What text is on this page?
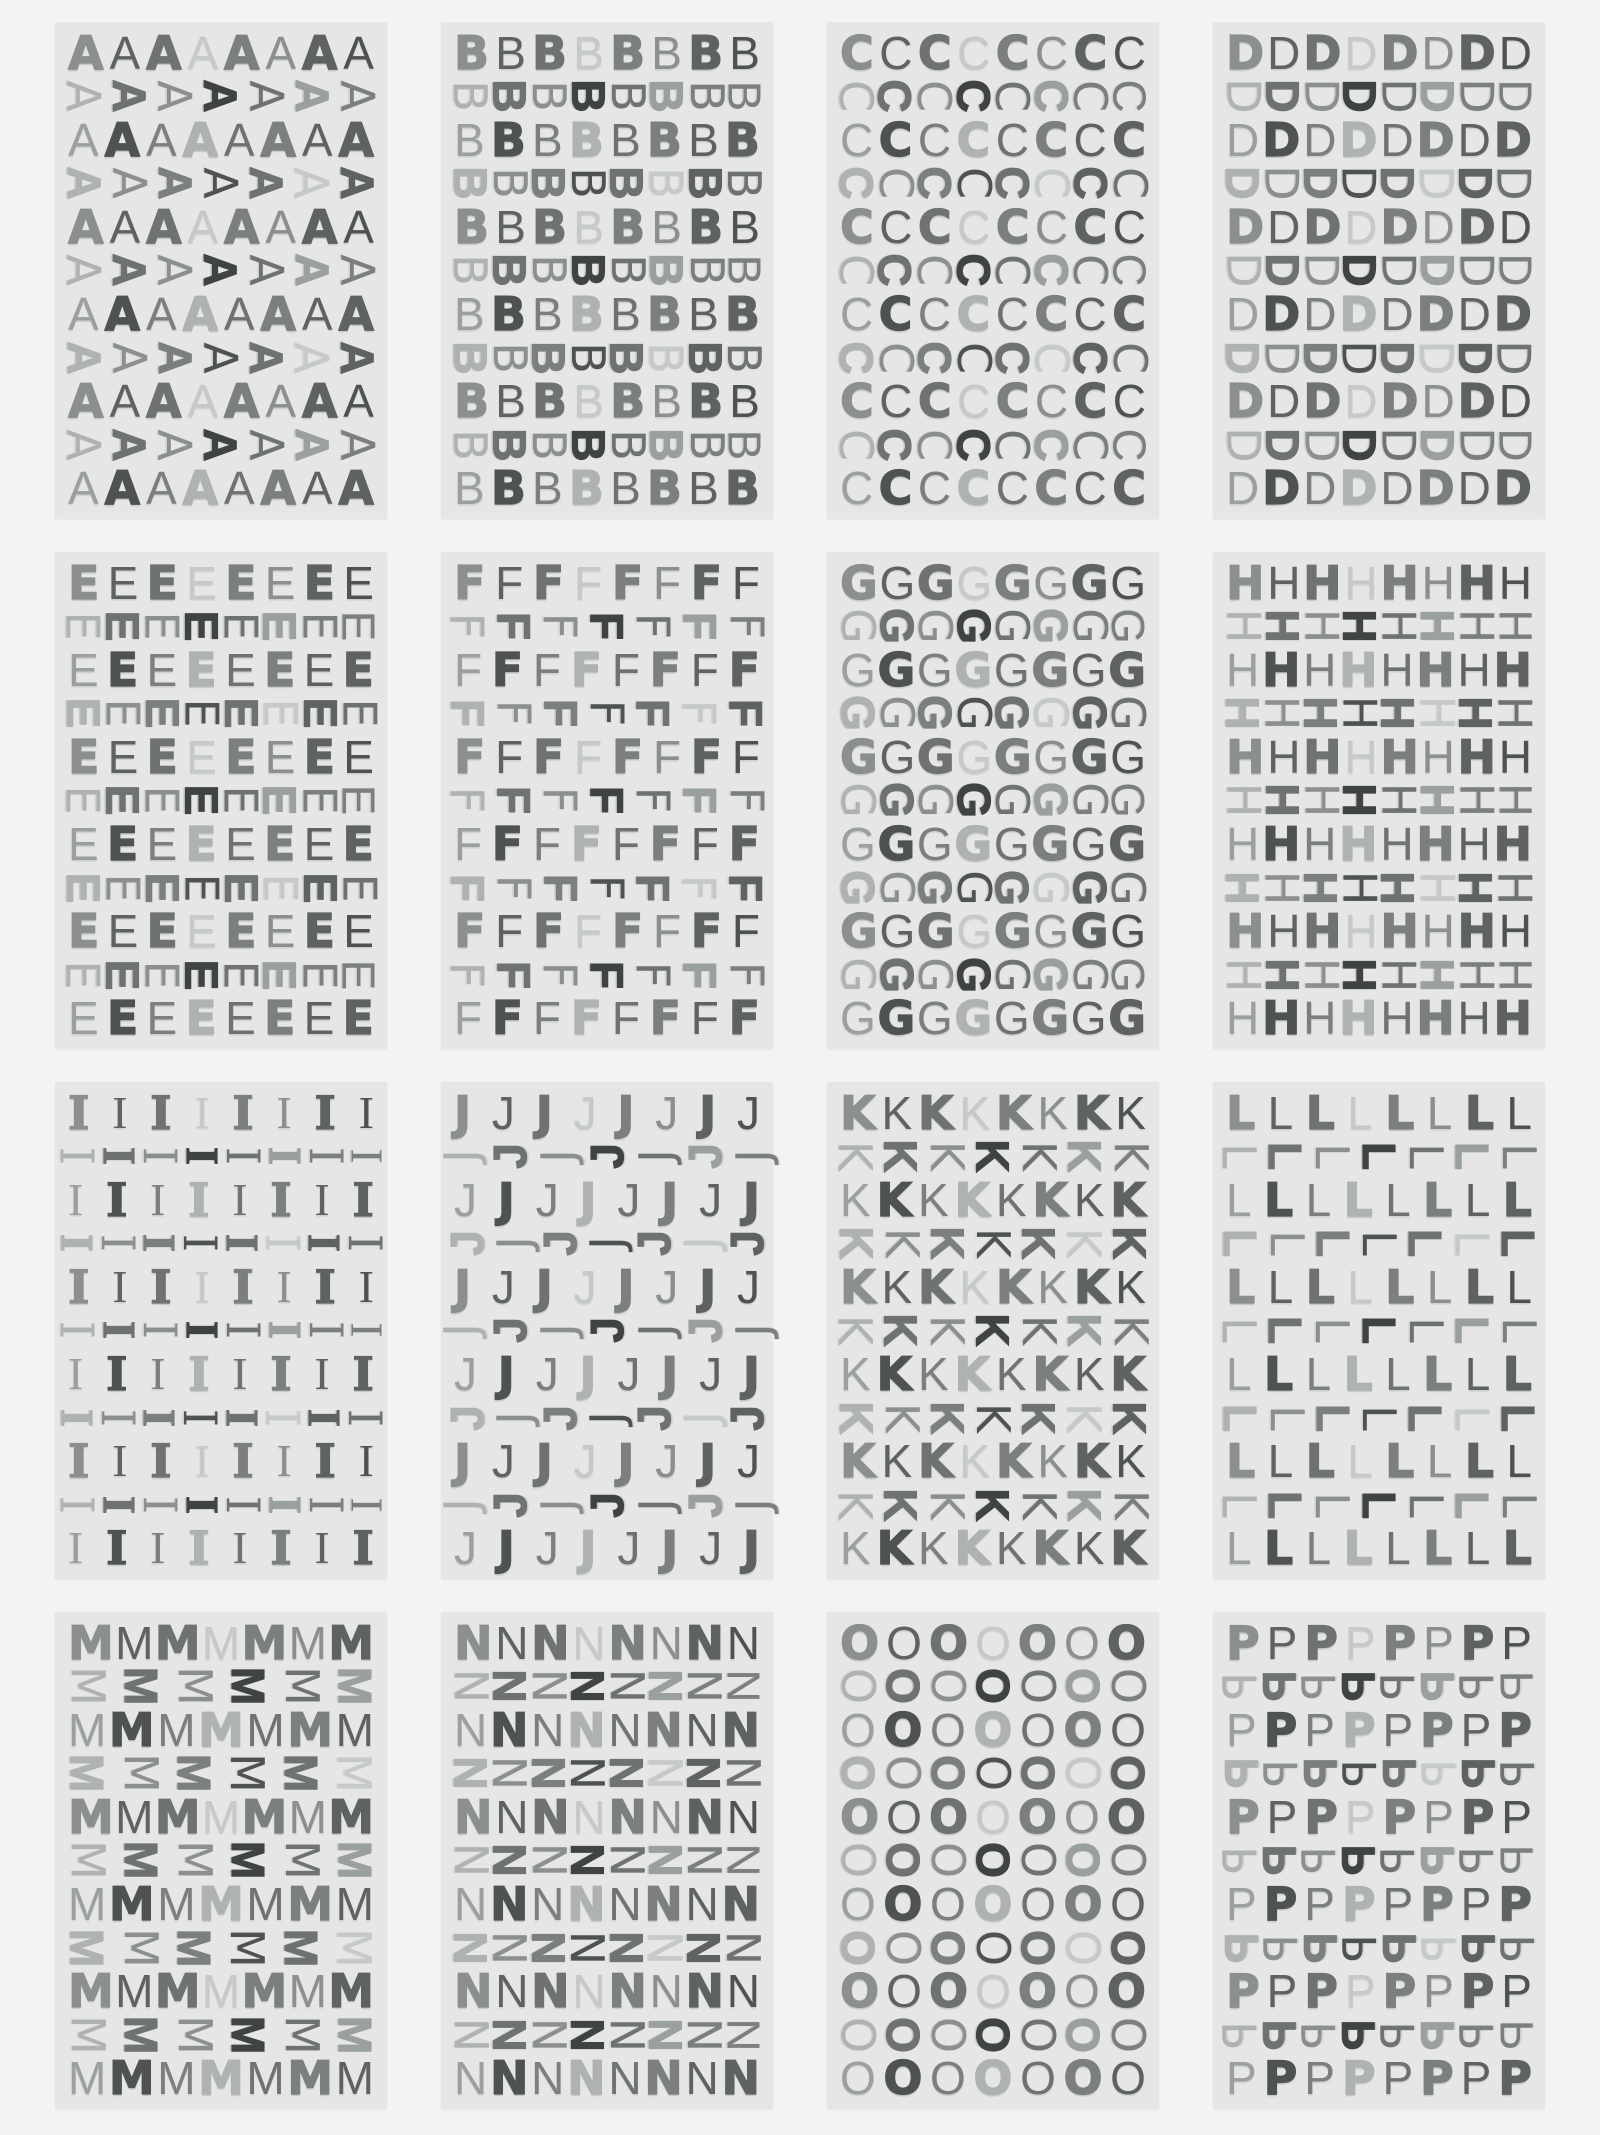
A A A A A A A A
A
A
A
A
A
A
A
A A A A A A A A
A
A
A
A
A
A
A
A A A A A A A A
A
A
A
A
A
A
A
A A A A A A A A
A
A
A
A
A
A
A
A A A A A A A A
A
A
A
A
A
A
A
A A A A A A A A
B B B B B B B B
B
B
B
B
B
B
B
B
B B B B B B B B
B
B
B
B
B
B
B
B
B B B B B B B B
B
B
B
B
B
B
B
B
B B B B B B B B
B
B
B
B
B
B
B
B
B B B B B B B B
B
B
B
B
B
B
B
B
B B B B B B B B
C C C C C C C C
C
C
C
C
C
C
C
C
C C C C C C C C
C
C
C
C
C
C
C
C
C C C C C C C C
C
C
C
C
C
C
C
C
C C C C C C C C
C
C
C
C
C
C
C
C
C C C C C C C C
C
C
C
C
C
C
C
C
C C C C C C C C
D D D D D D D D
D
D
D
D
D
D
D
D
D D D D D D D D
D
D
D
D
D
D
D
D
D D D D D D D D
D
D
D
D
D
D
D
D
D D D D D D D D
D
D
D
D
D
D
D
D
D D D D D D D D
D
D
D
D
D
D
D
D
D D D D D D D D
E E E E E E E E
E
E
E
E
E
E
E
E
E E E E E E E E
E
E
E
E
E
E
E
E
E E E E E E E E
E
E
E
E
E
E
E
E
E E E E E E E E
E
E
E
E
E
E
E
E
E E E E E E E E
E
E
E
E
E
E
E
E
E E E E E E E E
F F F F F F F F
F
F
F
F
F
F
F
F F F F F F F F
F
F
F
F
F
F
F
F F F F F F F F
F
F
F
F
F
F
F
F F F F F F F F
F
F
F
F
F
F
F
F F F F F F F F
F
F
F
F
F
F
F
F F F F F F F F
G G G G G G G G
G
G
G
G
G
G
G
G
G G G G G G G G
G
G
G
G
G
G
G
G
G G G G G G G G
G
G
G
G
G
G
G
G
G G G G G G G G
G
G
G
G
G
G
G
G
G G G G G G G G
G
G
G
G
G
G
G
G
G G G G G G G G
H H H H H H H H
H
H
H
H
H
H
H
H
H H H H H H H H
H
H
H
H
H
H
H
H
H H H H H H H H
H
H
H
H
H
H
H
H
H H H H H H H H
H
H
H
H
H
H
H
H
H H H H H H H H
H
H
H
H
H
H
H
H
H H H H H H H H
I I I I I I I I
I
I
I
I
I
I
I
I
I I I I I I I I
I
I
I
I
I
I
I
I
I I I I I I I I
I
I
I
I
I
I
I
I
I I I I I I I I
I
I
I
I
I
I
I
I
I I I I I I I I
I
I
I
I
I
I
I
I
I I I I I I I I
J J J J J J J J
J
J
J
J
J
J
J
J J J J J J J J
J
J
J
J
J
J
J
J J J J J J J J
J
J
J
J
J
J
J
J J J J J J J J
J
J
J
J
J
J
J
J J J J J J J J
J
J
J
J
J
J
J
J J J J J J J J
K K K K K K K K
K
K
K
K
K
K
K
K K K K K K K K
K
K
K
K
K
K
K
K K K K K K K K
K
K
K
K
K
K
K
K K K K K K K K
K
K
K
K
K
K
K
K K K K K K K K
K
K
K
K
K
K
K
K K K K K K K K
L L L L L L L L
L
L
L
L
L
L
L
L L L L L L L L
L
L
L
L
L
L
L
L L L L L L L L
L
L
L
L
L
L
L
L L L L L L L L
L
L
L
L
L
L
L
L L L L L L L L
L
L
L
L
L
L
L
L L L L L L L L
M M M M M M M
M M M M M M
M M M M M M M
M M M M M M
M M M M M M M
M M M M M M
M M M M M M M
M M M M M M
M M M M M M M
M M M M M M
M M M M M M M
N N N N N N N N
N
N
N
N
N
N
N
N
N N N N N N N N
N
N
N
N
N
N
N
N
N N N N N N N N
N
N
N
N
N
N
N
N
N N N N N N N N
N
N
N
N
N
N
N
N
N N N N N N N N
N
N
N
N
N
N
N
N
N N N N N N N N
O O O O O O O
O
O
O
O
O
O
O
O O O O O O O
O
O
O
O
O
O
O
O O O O O O O
O
O
O
O
O
O
O
O O O O O O O
O
O
O
O
O
O
O
O O O O O O O
O
O
O
O
O
O
O
O O O O O O O
P P P P P P P P
P
P
P
P
P
P
P
P
P P P P P P P P
P
P
P
P
P
P
P
P
P P P P P P P P
P
P
P
P
P
P
P
P
P P P P P P P P
P
P
P
P
P
P
P
P
P P P P P P P P
P
P
P
P
P
P
P
P
P P P P P P P P
